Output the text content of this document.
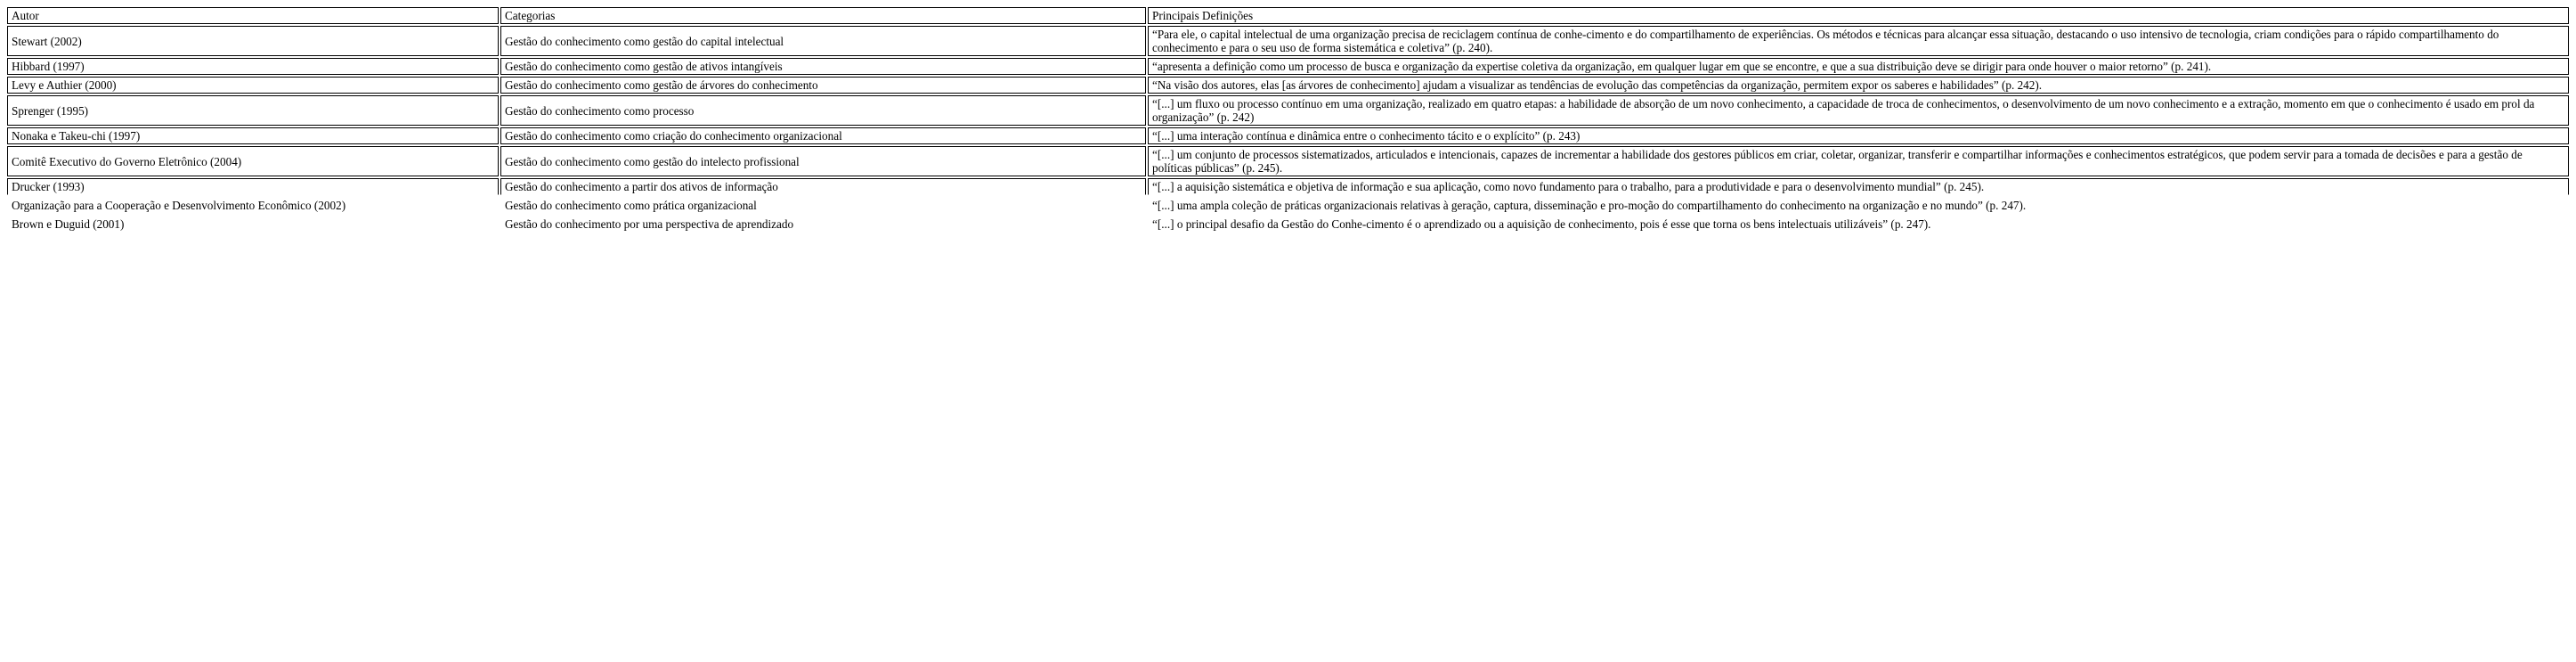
Autor	Categorias	Principais Definições
Stewart (2002)	Gestão do conhecimento como gestão do capital intelectual	“Para ele, o capital intelectual de uma organização precisa de reciclagem contínua de conhe-cimento e do compartilhamento de experiências. Os métodos e técnicas para alcançar essa situação, destacando o uso intensivo de tecnologia, criam condições para o rápido compartilhamento do conhecimento e para o seu uso de forma sistemática e coletiva” (p. 240).
Hibbard (1997)	Gestão do conhecimento como gestão de ativos intangíveis	“apresenta a definição como um processo de busca e organização da expertise coletiva da organização, em qualquer lugar em que se encontre, e que a sua distribuição deve se dirigir para onde houver o maior retorno” (p. 241).
Levy e Authier (2000)	Gestão do conhecimento como gestão de árvores do conhecimento	“Na visão dos autores, elas [as árvores de conhecimento] ajudam a visualizar as tendências de evolução das competências da organização, permitem expor os saberes e habilidades” (p. 242).
Sprenger (1995)	Gestão do conhecimento como processo	“[...] um fluxo ou processo contínuo em uma organização, realizado em quatro etapas: a habilidade de absorção de um novo conhecimento, a capacidade de troca de conhecimentos, o desenvolvimento de um novo conhecimento e a extração, momento em que o conhecimento é usado em prol da organização” (p. 242)
Nonaka e Takeu-chi (1997)	Gestão do conhecimento como criação do conhecimento organizacional	“[...] uma interação contínua e dinâmica entre o conhecimento tácito e o explícito” (p. 243)
Comitê Executivo do Governo Eletrônico (2004)	Gestão do conhecimento como gestão do intelecto profissional	“[...] um conjunto de processos sistematizados, articulados e intencionais, capazes de incrementar a habilidade dos gestores públicos em criar, coletar, organizar, transferir e compartilhar informações e conhecimentos estratégicos, que podem servir para a tomada de decisões e para a gestão de políticas públicas” (p. 245).
Drucker (1993)	Gestão do conhecimento a partir dos ativos de informação	“[...] a aquisição sistemática e objetiva de informação e sua aplicação, como novo fundamento para o trabalho, para a produtividade e para o desenvolvimento mundial” (p. 245).
Organização para a Cooperação e Desenvolvimento Econômico (2002)	Gestão do conhecimento como prática organizacional	“[...] uma ampla coleção de práticas organizacionais relativas à geração, captura, disseminação e pro-moção do compartilhamento do conhecimento na organização e no mundo” (p. 247).
Brown e Duguid (2001)	Gestão do conhecimento por uma perspectiva de aprendizado	“[...] o principal desafio da Gestão do Conhe-cimento é o aprendizado ou a aquisição de conhecimento, pois é esse que torna os bens intelectuais utilizáveis” (p. 247).
